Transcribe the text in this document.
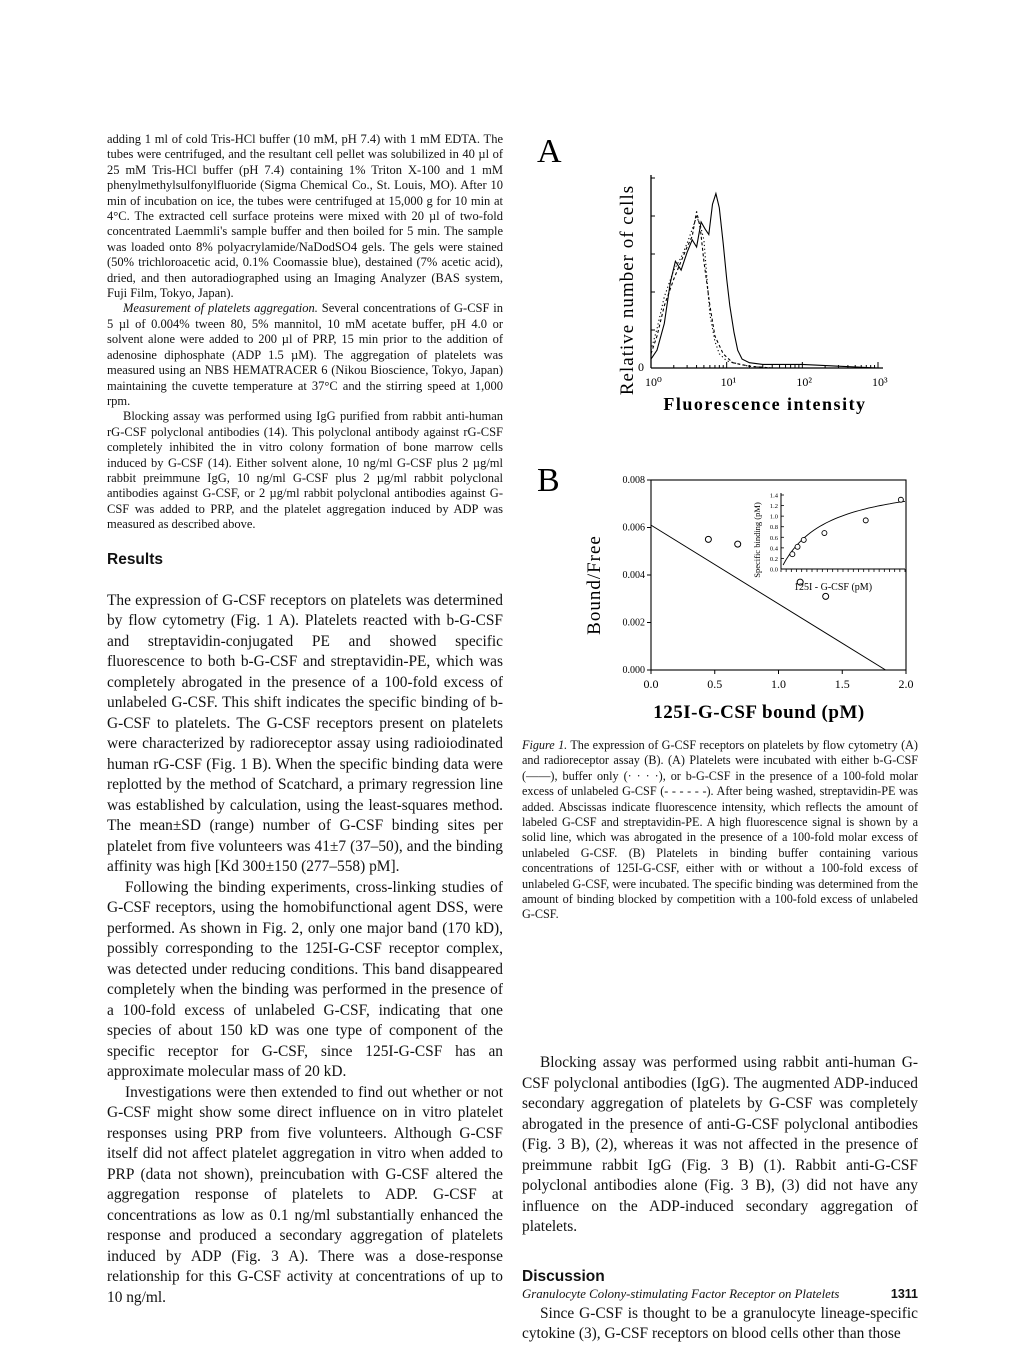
adding 1 ml of cold Tris-HCl buffer (10 mM, pH 7.4) with 1 mM EDTA. The tubes were centrifuged, and the resultant cell pellet was solubilized in 40 µl of 25 mM Tris-HCl buffer (pH 7.4) containing 1% Triton X-100 and 1 mM phenylmethylsulfonylfluoride (Sigma Chemical Co., St. Louis, MO). After 10 min of incubation on ice, the tubes were centrifuged at 15,000 g for 10 min at 4°C. The extracted cell surface proteins were mixed with 20 µl of two-fold concentrated Laemmli's sample buffer and then boiled for 5 min. The sample was loaded onto 8% polyacrylamide/NaDodSO4 gels. The gels were stained (50% trichloroacetic acid, 0.1% Coomassie blue), destained (7% acetic acid), dried, and then autoradiographed using an Imaging Analyzer (BAS system, Fuji Film, Tokyo, Japan).

Measurement of platelets aggregation. Several concentrations of G-CSF in 5 µl of 0.004% tween 80, 5% mannitol, 10 mM acetate buffer, pH 4.0 or solvent alone were added to 200 µl of PRP, 15 min prior to the addition of adenosine diphosphate (ADP 1.5 µM). The aggregation of platelets was measured using an NBS HEMATRACER 6 (Nikou Bioscience, Tokyo, Japan) maintaining the cuvette temperature at 37°C and the stirring speed at 1,000 rpm.

Blocking assay was performed using IgG purified from rabbit anti-human rG-CSF polyclonal antibodies (14). This polyclonal antibody against rG-CSF completely inhibited the in vitro colony formation of bone marrow cells induced by G-CSF (14). Either solvent alone, 10 ng/ml G-CSF plus 2 µg/ml rabbit preimmune IgG, 10 ng/ml G-CSF plus 2 µg/ml rabbit polyclonal antibodies against G-CSF, or 2 µg/ml rabbit polyclonal antibodies against G-CSF was added to PRP, and the platelet aggregation induced by ADP was measured as described above.

Results

The expression of G-CSF receptors on platelets was determined by flow cytometry (Fig. 1 A). Platelets reacted with b-G-CSF and streptavidin-conjugated PE and showed specific fluorescence to both b-G-CSF and streptavidin-PE, which was completely abrogated in the presence of a 100-fold excess of unlabeled G-CSF. This shift indicates the specific binding of b-G-CSF to platelets. The G-CSF receptors present on platelets were characterized by radioreceptor assay using radioiodinated human rG-CSF (Fig. 1 B). When the specific binding data were replotted by the method of Scatchard, a primary regression line was established by calculation, using the least-squares method. The mean±SD (range) number of G-CSF binding sites per platelet from five volunteers was 41±7 (37–50), and the binding affinity was high [Kd 300±150 (277–558) pM].

Following the binding experiments, cross-linking studies of G-CSF receptors, using the homobifunctional agent DSS, were performed. As shown in Fig. 2, only one major band (170 kD), possibly corresponding to the 125I-G-CSF receptor complex, was detected under reducing conditions. This band disappeared completely when the binding was performed in the presence of a 100-fold excess of unlabeled G-CSF, indicating that one species of about 150 kD was one type of component of the specific receptor for G-CSF, since 125I-G-CSF has an approximate molecular mass of 20 kD.

Investigations were then extended to find out whether or not G-CSF might show some direct influence on in vitro platelet responses using PRP from five volunteers. Although G-CSF itself did not affect platelet aggregation in vitro when added to PRP (data not shown), preincubation with G-CSF altered the aggregation response of platelets to ADP. G-CSF at concentrations as low as 0.1 ng/ml substantially enhanced the response and produced a secondary aggregation of platelets induced by ADP (Fig. 3 A). There was a dose-response relationship for this G-CSF activity at concentrations of up to 10 ng/ml.

A
Relative number of cells 0
10⁰	10¹	10²	10³
Fluorescence intensity
B
Bound/Free
0.000
0.002
0.004
0.006
0.008
0.0	0.5	1.0	1.5	2.0
125I-G-CSF bound (pM)
Specific binding (pM)
1.4
1.2
1.0
0.8
0.6
0.4
0.2
0.0
125I - G-CSF (pM)

Figure 1. The expression of G-CSF receptors on platelets by flow cytometry (A) and radioreceptor assay (B). (A) Platelets were incubated with either b-G-CSF (——), buffer only (· · · ·), or b-G-CSF in the presence of a 100-fold molar excess of unlabeled G-CSF (- - - - - -). After being washed, streptavidin-PE was added. Abscissas indicate fluorescence intensity, which reflects the amount of labeled G-CSF and streptavidin-PE. A high fluorescence signal is shown by a solid line, which was abrogated in the presence of a 100-fold molar excess of unlabeled G-CSF. (B) Platelets in binding buffer containing various concentrations of 125I-G-CSF, either with or without a 100-fold excess of unlabeled G-CSF, were incubated. The specific binding was determined from the amount of binding blocked by competition with a 100-fold excess of unlabeled G-CSF.

Blocking assay was performed using rabbit anti-human G-CSF polyclonal antibodies (IgG). The augmented ADP-induced secondary aggregation of platelets by G-CSF was completely abrogated in the presence of anti-G-CSF polyclonal antibodies (Fig. 3 B), (2), whereas it was not affected in the presence of preimmune rabbit IgG (Fig. 3 B) (1). Rabbit anti-G-CSF polyclonal antibodies alone (Fig. 3 B), (3) did not have any influence on the ADP-induced secondary aggregation of platelets.

Discussion

Since G-CSF is thought to be a granulocyte lineage-specific cytokine (3), G-CSF receptors on blood cells other than those

Granulocyte Colony-stimulating Factor Receptor on Platelets	1311
